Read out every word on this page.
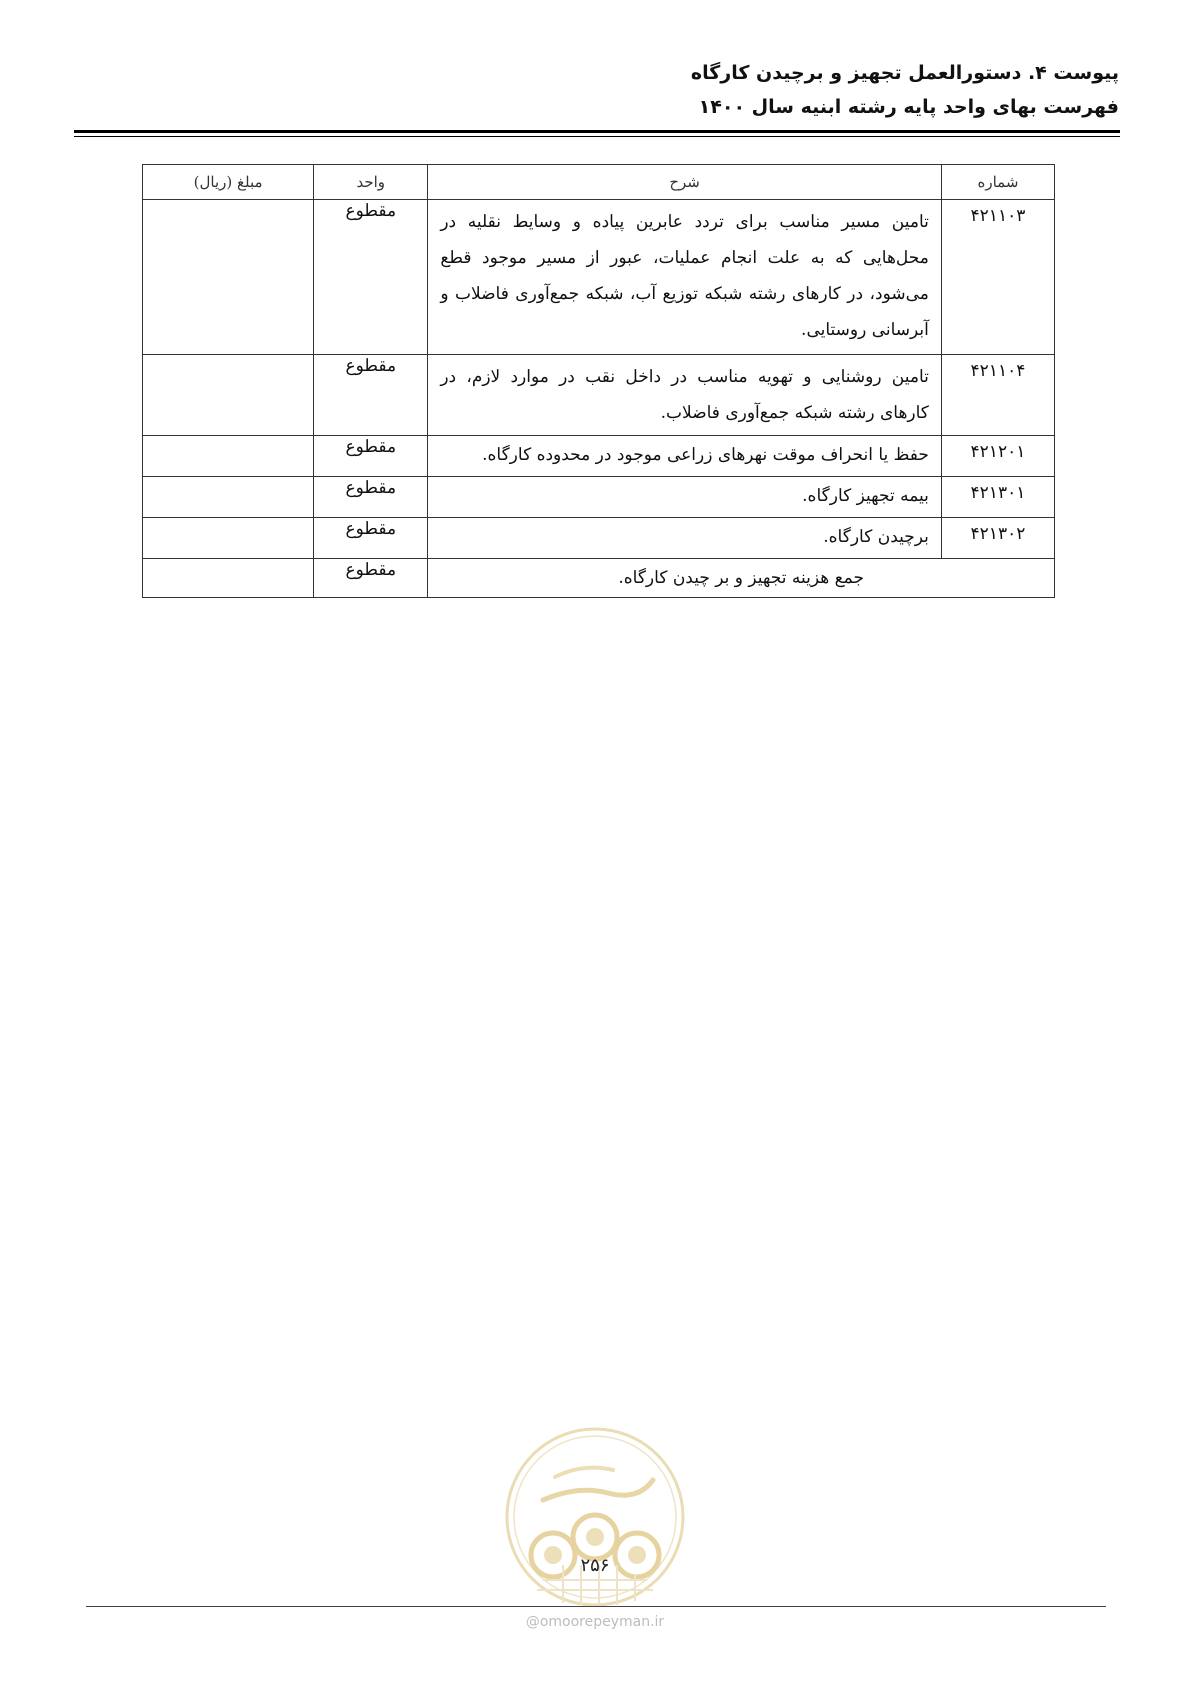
پیوست ۴. دستورالعمل تجهیز و برچیدن کارگاه
فهرست بهای واحد پایه رشته ابنیه سال ۱۴۰۰
شماره	شرح	واحد	مبلغ (ریال)
۴۲۱۱۰۳	تامین مسیر مناسب برای تردد عابرین پیاده و وسایط نقلیه در محل‌هایی که به علت انجام عملیات، عبور از مسیر موجود قطع می‌شود، در کارهای رشته شبکه توزیع آب، شبکه جمع‌آوری فاضلاب و آبرسانی روستایی.	مقطوع	
۴۲۱۱۰۴	تامین روشنایی و تهویه مناسب در داخل نقب در موارد لازم، در کارهای رشته شبکه جمع‌آوری فاضلاب.	مقطوع	
۴۲۱۲۰۱	حفظ یا انحراف موقت نهرهای زراعی موجود در محدوده کارگاه.	مقطوع	
۴۲۱۳۰۱	بیمه تجهیز کارگاه.	مقطوع	
۴۲۱۳۰۲	برچیدن کارگاه.	مقطوع	
جمع هزینه تجهیز و بر چیدن کارگاه.		مقطوع	
۲۵۶
@omoorepeyman.ir
